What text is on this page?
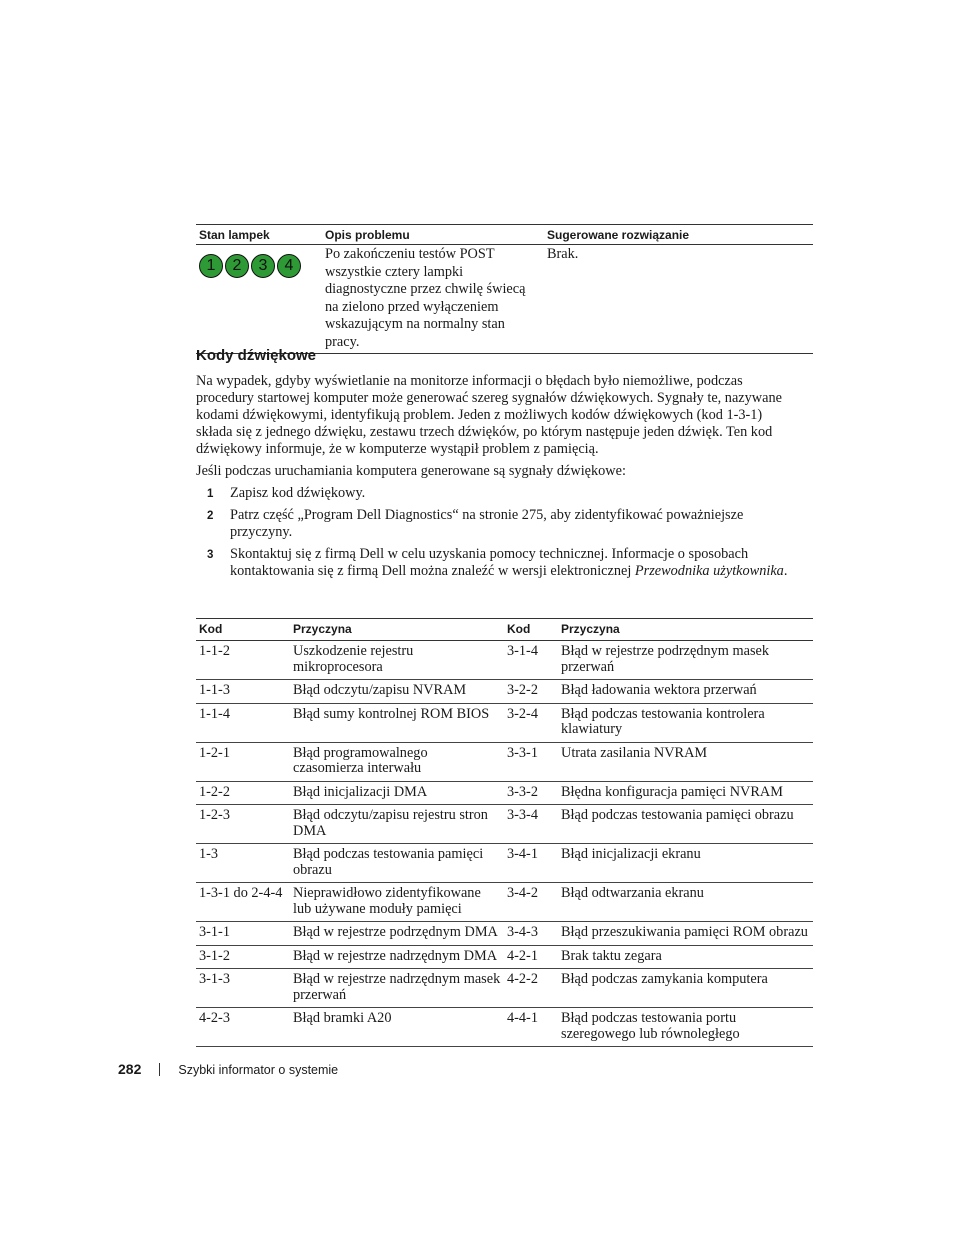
Stan lampek	Opis problemu	Sugerowane rozwiązanie

1 2 3 4	Po zakończeniu testów POST wszystkie cztery lampki diagnostyczne przez chwilę świecą na zielono przed wyłączeniem wskazującym na normalny stan pracy.	Brak.
Kody dźwiękowe

Na wypadek, gdyby wyświetlanie na monitorze informacji o błędach było niemożliwe, podczas procedury startowej komputer może generować szereg sygnałów dźwiękowych. Sygnały te, nazywane kodami dźwiękowymi, identyfikują problem. Jeden z możliwych kodów dźwiękowych (kod 1-3-1) składa się z jednego dźwięku, zestawu trzech dźwięków, po którym następuje jeden dźwięk. Ten kod dźwiękowy informuje, że w komputerze wystąpił problem z pamięcią.

Jeśli podczas uruchamiania komputera generowane są sygnały dźwiękowe:

1 Zapisz kod dźwiękowy.
2 Patrz część „Program Dell Diagnostics“ na stronie 275, aby zidentyfikować poważniejsze przyczyny.
3 Skontaktuj się z firmą Dell w celu uzyskania pomocy technicznej. Informacje o sposobach kontaktowania się z firmą Dell można znaleźć w wersji elektronicznej Przewodnika użytkownika.
Kod	Przyczyna	Kod	Przyczyna
1-1-2	Uszkodzenie rejestru mikroprocesora	3-1-4	Błąd w rejestrze podrzędnym masek przerwań
1-1-3	Błąd odczytu/zapisu NVRAM	3-2-2	Błąd ładowania wektora przerwań
1-1-4	Błąd sumy kontrolnej ROM BIOS	3-2-4	Błąd podczas testowania kontrolera klawiatury
1-2-1	Błąd programowalnego czasomierza interwału	3-3-1	Utrata zasilania NVRAM
1-2-2	Błąd inicjalizacji DMA	3-3-2	Błędna konfiguracja pamięci NVRAM
1-2-3	Błąd odczytu/zapisu rejestru stron DMA	3-3-4	Błąd podczas testowania pamięci obrazu
1-3	Błąd podczas testowania pamięci obrazu	3-4-1	Błąd inicjalizacji ekranu
1-3-1 do 2-4-4	Nieprawidłowo zidentyfikowane lub używane moduły pamięci	3-4-2	Błąd odtwarzania ekranu
3-1-1	Błąd w rejestrze podrzędnym DMA	3-4-3	Błąd przeszukiwania pamięci ROM obrazu
3-1-2	Błąd w rejestrze nadrzędnym DMA	4-2-1	Brak taktu zegara
3-1-3	Błąd w rejestrze nadrzędnym masek przerwań	4-2-2	Błąd podczas zamykania komputera
4-2-3	Błąd bramki A20	4-4-1	Błąd podczas testowania portu szeregowego lub równoległego
282	Szybki informator o systemie
